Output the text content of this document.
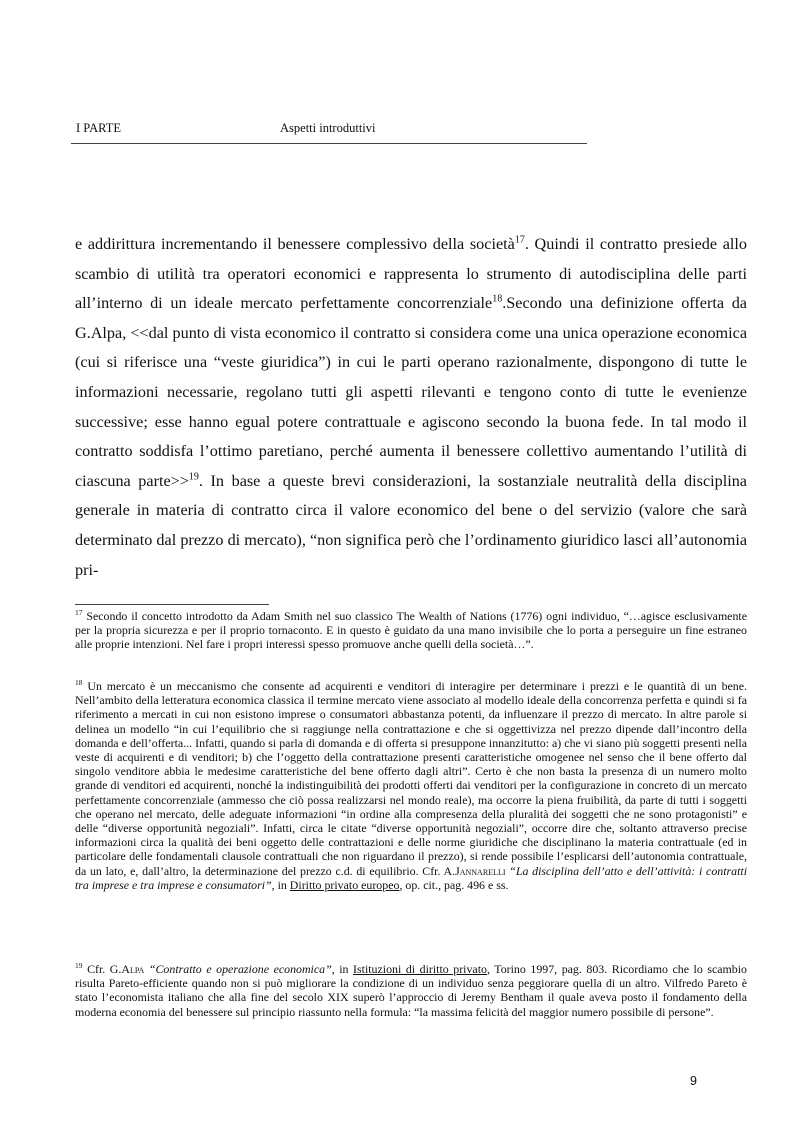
I PARTE	Aspetti introduttivi

e addirittura incrementando il benessere complessivo della società$^{17}$. Quindi il contratto presiede allo scambio di utilità tra operatori economici e rappresenta lo strumento di autodisciplina delle parti all’interno di un ideale mercato perfettamente concorrenziale$^{18}$.Secondo una definizione offerta da G.Alpa, <<dal punto di vista economico il contratto si considera come una unica operazione economica (cui si riferisce una “veste giuridica”) in cui le parti operano razionalmente, dispongono di tutte le informazioni necessarie, regolano tutti gli aspetti rilevanti e tengono conto di tutte le evenienze successive; esse hanno egual potere contrattuale e agiscono secondo la buona fede. In tal modo il contratto soddisfa l’ottimo paretiano, perché aumenta il benessere collettivo aumentando l’utilità di ciascuna parte>>$^{19}$. In base a queste brevi considerazioni, la sostanziale neutralità della disciplina generale in materia di contratto circa il valore economico del bene o del servizio (valore che sarà determinato dal prezzo di mercato), “non significa però che l’ordinamento giuridico lasci all’autonomia pri-

$^{17}$ Secondo il concetto introdotto da Adam Smith nel suo classico The Wealth of Nations (1776) ogni individuo, “…agisce esclusivamente per la propria sicurezza e per il proprio tornaconto. E in questo è guidato da una mano invisibile che lo porta a perseguire un fine estraneo alle proprie intenzioni. Nel fare i propri interessi spesso promuove anche quelli della società…”.

$^{18}$ Un mercato è un meccanismo che consente ad acquirenti e venditori di interagire per determinare i prezzi e le quantità di un bene. Nell’ambito della letteratura economica classica il termine mercato viene associato al modello ideale della concorrenza perfetta e quindi si fa riferimento a mercati in cui non esistono imprese o consumatori abbastanza potenti, da influenzare il prezzo di mercato. In altre parole si delinea un modello “in cui l’equilibrio che si raggiunge nella contrattazione e che si oggettivizza nel prezzo dipende dall’incontro della domanda e dell’offerta... Infatti, quando si parla di domanda e di offerta si presuppone innanzitutto: a) che vi siano più soggetti presenti nella veste di acquirenti e di venditori; b) che l’oggetto della contrattazione presenti caratteristiche omogenee nel senso che il bene offerto dal singolo venditore abbia le medesime caratteristiche del bene offerto dagli altri”. Certo è che non basta la presenza di un numero molto grande di venditori ed acquirenti, nonché la indistinguibilità dei prodotti offerti dai venditori per la configurazione in concreto di un mercato perfettamente concorrenziale (ammesso che ciò possa realizzarsi nel mondo reale), ma occorre la piena fruibilità, da parte di tutti i soggetti che operano nel mercato, delle adeguate informazioni “in ordine alla compresenza della pluralità dei soggetti che ne sono protagonisti” e delle “diverse opportunità negoziali”. Infatti, circa le citate “diverse opportunità negoziali”, occorre dire che, soltanto attraverso precise informazioni circa la qualità dei beni oggetto delle contrattazioni e delle norme giuridiche che disciplinano la materia contrattuale (ed in particolare delle fondamentali clausole contrattuali che non riguardano il prezzo), si rende possibile l’esplicarsi dell’autonomia contrattuale, da un lato, e, dall’altro, la determinazione del prezzo c.d. di equilibrio. Cfr. A.Jannarelli “La disciplina dell’atto e dell’attività: i contratti tra imprese e tra imprese e consumatori”, in Diritto privato europeo, op. cit., pag. 496 e ss.

$^{19}$ Cfr. G.Alpa “Contratto e operazione economica”, in Istituzioni di diritto privato, Torino 1997, pag. 803. Ricordiamo che lo scambio risulta Pareto-efficiente quando non si può migliorare la condizione di un individuo senza peggiorare quella di un altro. Vilfredo Pareto è stato l’economista italiano che alla fine del secolo XIX superò l’approccio di Jeremy Bentham il quale aveva posto il fondamento della moderna economia del benessere sul principio riassunto nella formula: “la massima felicità del maggior numero possibile di persone”.

9
